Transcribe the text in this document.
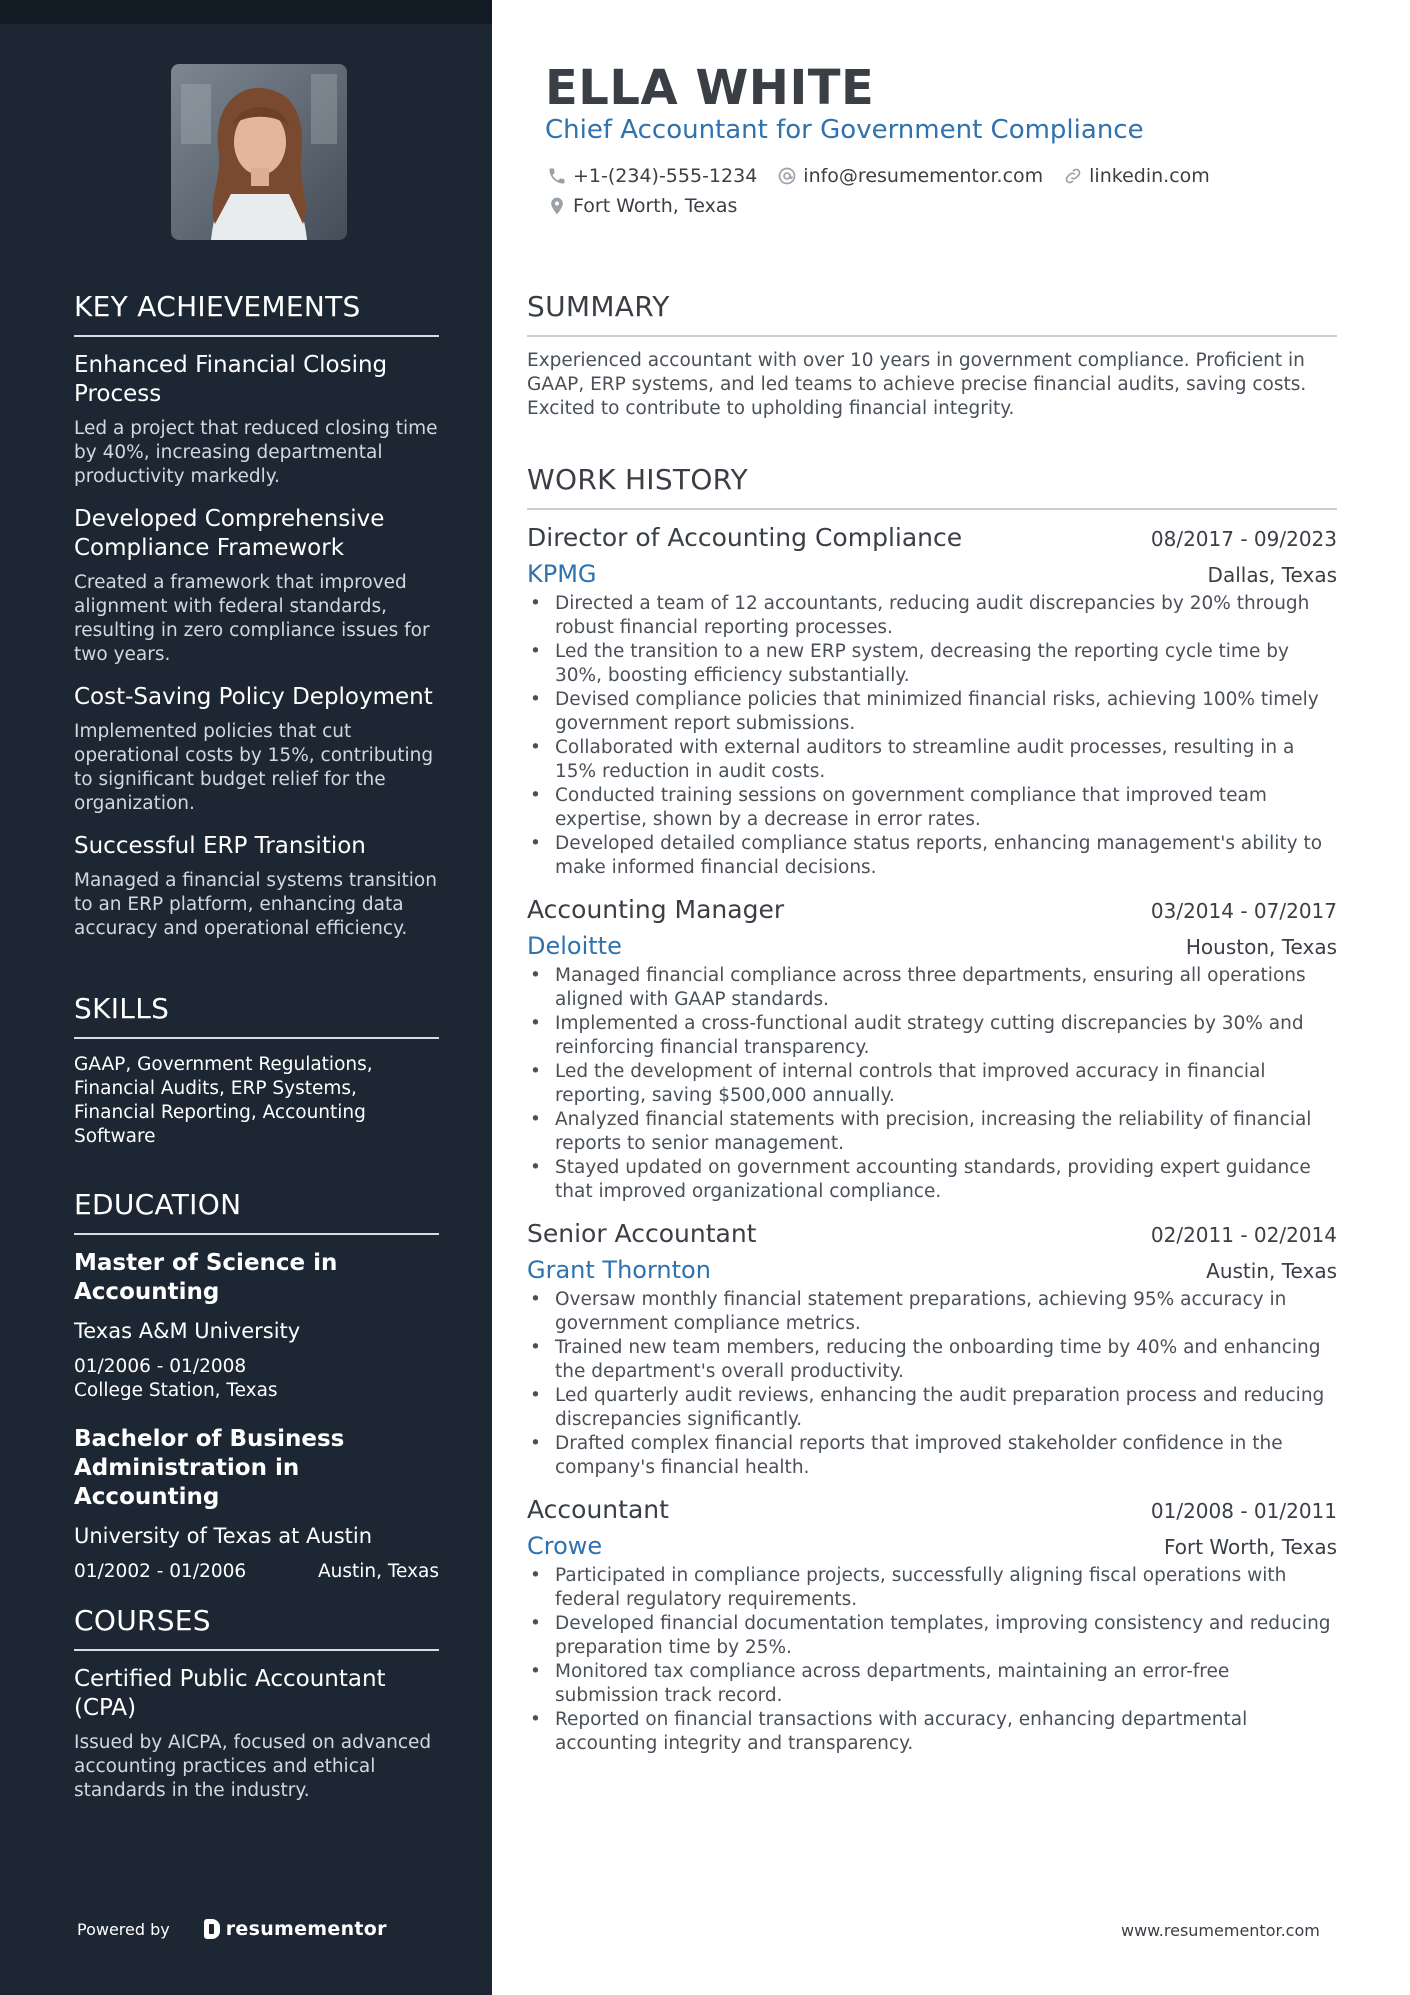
KEY ACHIEVEMENTS
Enhanced Financial Closing Process
Led a project that reduced closing time by 40%, increasing departmental productivity markedly.
Developed Comprehensive Compliance Framework
Created a framework that improved alignment with federal standards, resulting in zero compliance issues for two years.
Cost-Saving Policy Deployment
Implemented policies that cut operational costs by 15%, contributing to significant budget relief for the organization.
Successful ERP Transition
Managed a financial systems transition to an ERP platform, enhancing data accuracy and operational efficiency.
SKILLS
GAAP, Government Regulations, Financial Audits, ERP Systems, Financial Reporting, Accounting Software
EDUCATION
Master of Science in Accounting
Texas A&M University
01/2006 - 01/2008
College Station, Texas
Bachelor of Business Administration in Accounting
University of Texas at Austin
01/2002 - 01/2006	Austin, Texas
COURSES
Certified Public Accountant (CPA)
Issued by AICPA, focused on advanced accounting practices and ethical standards in the industry.
Powered by	resumementor
ELLA WHITE
Chief Accountant for Government Compliance
+1-(234)-555-1234 info@resumementor.com linkedin.com
Fort Worth, Texas
SUMMARY
Experienced accountant with over 10 years in government compliance. Proficient in GAAP, ERP systems, and led teams to achieve precise financial audits, saving costs. Excited to contribute to upholding financial integrity.
WORK HISTORY
Director of Accounting Compliance	08/2017 - 09/2023
KPMG	Dallas, Texas
• Directed a team of 12 accountants, reducing audit discrepancies by 20% through robust financial reporting processes.
• Led the transition to a new ERP system, decreasing the reporting cycle time by 30%, boosting efficiency substantially.
• Devised compliance policies that minimized financial risks, achieving 100% timely government report submissions.
• Collaborated with external auditors to streamline audit processes, resulting in a 15% reduction in audit costs.
• Conducted training sessions on government compliance that improved team expertise, shown by a decrease in error rates.
• Developed detailed compliance status reports, enhancing management's ability to make informed financial decisions.
Accounting Manager	03/2014 - 07/2017
Deloitte	Houston, Texas
• Managed financial compliance across three departments, ensuring all operations aligned with GAAP standards.
• Implemented a cross-functional audit strategy cutting discrepancies by 30% and reinforcing financial transparency.
• Led the development of internal controls that improved accuracy in financial reporting, saving $500,000 annually.
• Analyzed financial statements with precision, increasing the reliability of financial reports to senior management.
• Stayed updated on government accounting standards, providing expert guidance that improved organizational compliance.
Senior Accountant	02/2011 - 02/2014
Grant Thornton	Austin, Texas
• Oversaw monthly financial statement preparations, achieving 95% accuracy in government compliance metrics.
• Trained new team members, reducing the onboarding time by 40% and enhancing the department's overall productivity.
• Led quarterly audit reviews, enhancing the audit preparation process and reducing discrepancies significantly.
• Drafted complex financial reports that improved stakeholder confidence in the company's financial health.
Accountant	01/2008 - 01/2011
Crowe	Fort Worth, Texas
• Participated in compliance projects, successfully aligning fiscal operations with federal regulatory requirements.
• Developed financial documentation templates, improving consistency and reducing preparation time by 25%.
• Monitored tax compliance across departments, maintaining an error-free submission track record.
• Reported on financial transactions with accuracy, enhancing departmental accounting integrity and transparency.
www.resumementor.com
